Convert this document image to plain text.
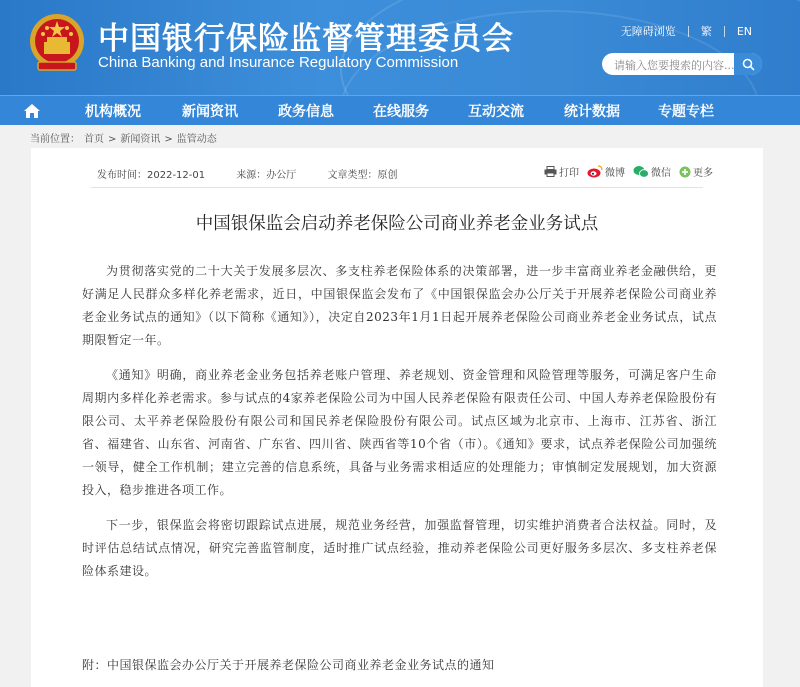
中国银行保险监督管理委员会
China Banking and Insurance Regulatory Commission
无障碍浏览 繁 EN
请输入您要搜索的内容...
机构概况	新闻资讯	政务信息	在线服务	互动交流	统计数据	专题专栏
当前位置： 首页 > 新闻资讯 > 监管动态
发布时间：2022-12-01	来源：办公厅	文章类型：原创	打印	微博	微信 更多
中国银保监会启动养老保险公司商业养老金业务试点

为贯彻落实党的二十大关于发展多层次、多支柱养老保险体系的决策部署，进一步丰富商业养老金融供给，更好满足人民群众多样化养老需求，近日，中国银保监会发布了《中国银保监会办公厅关于开展养老保险公司商业养老金业务试点的通知》（以下简称《通知》），决定自2023年1月1日起开展养老保险公司商业养老金业务试点，试点期限暂定一年。

《通知》明确，商业养老金业务包括养老账户管理、养老规划、资金管理和风险管理等服务，可满足客户生命周期内多样化养老需求。参与试点的4家养老保险公司为中国人民养老保险有限责任公司、中国人寿养老保险股份有限公司、太平养老保险股份有限公司和国民养老保险股份有限公司。试点区域为北京市、上海市、江苏省、浙江省、福建省、山东省、河南省、广东省、四川省、陕西省等10个省（市）。《通知》要求，试点养老保险公司加强统一领导，健全工作机制；建立完善的信息系统，具备与业务需求相适应的处理能力；审慎制定发展规划，加大资源投入，稳步推进各项工作。

下一步，银保监会将密切跟踪试点进展，规范业务经营，加强监督管理，切实维护消费者合法权益。同时，及时评估总结试点情况，研究完善监管制度，适时推广试点经验，推动养老保险公司更好服务多层次、多支柱养老保险体系建设。

附：中国银保监会办公厅关于开展养老保险公司商业养老金业务试点的通知
